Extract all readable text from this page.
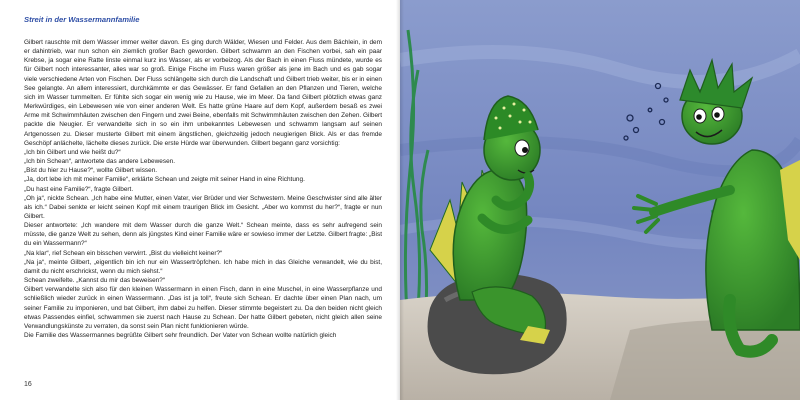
Streit in der Wassermannfamilie

Gilbert rauschte mit dem Wasser immer weiter davon. Es ging durch Wälder, Wiesen und Felder. Aus dem Bächlein, in dem er dahintrieb, war nun schon ein ziemlich großer Bach geworden. Gilbert schwamm an den Fischen vorbei, sah ein paar Krebse, ja sogar eine Ratte linste einmal kurz ins Wasser, als er vorbeizog. Als der Bach in einen Fluss mündete, wurde es für Gilbert noch interessanter, alles war so groß. Einige Fische im Fluss waren größer als jene im Bach und es gab sogar viele verschiedene Arten von Fischen. Der Fluss schlängelte sich durch die Landschaft und Gilbert trieb weiter, bis er in einen See gelangte. An allem interessiert, durchkämmte er das Gewässer. Er fand Gefallen an den Pflanzen und Tieren, welche sich im Wasser tummelten. Er fühlte sich sogar ein wenig wie zu Hause, wie im Meer. Da fand Gilbert plötzlich etwas ganz Merkwürdiges, ein Lebewesen wie von einer anderen Welt. Es hatte grüne Haare auf dem Kopf, außerdem besaß es zwei Arme mit Schwimmhäuten zwischen den Fingern und zwei Beine, ebenfalls mit Schwimmhäuten zwischen den Zehen. Gilbert packte die Neugier. Er verwandelte sich in so ein ihm unbekanntes Lebewesen und schwamm langsam auf seinen Artgenossen zu. Dieser musterte Gilbert mit einem ängstlichen, gleichzeitig jedoch neugierigen Blick. Als er das fremde Geschöpf anlächelte, lächelte dieses zurück. Die erste Hürde war überwunden. Gilbert begann ganz vorsichtig:

„Ich bin Gilbert und wie heißt du?“

„Ich bin Schean“, antwortete das andere Lebewesen.

„Bist du hier zu Hause?“, wollte Gilbert wissen.

„Ja, dort lebe ich mit meiner Familie“, erklärte Schean und zeigte mit seiner Hand in eine Richtung.

„Du hast eine Familie?“, fragte Gilbert.

„Oh ja“, nickte Schean. „Ich habe eine Mutter, einen Vater, vier Brüder und vier Schwestern. Meine Geschwister sind alle älter als ich.“ Dabei senkte er leicht seinen Kopf mit einem traurigen Blick im Gesicht. „Aber wo kommst du her?“, fragte er nun Gilbert.

Dieser antwortete: „Ich wandere mit dem Wasser durch die ganze Welt.“ Schean meinte, dass es sehr aufregend sein müsste, die ganze Welt zu sehen, denn als jüngstes Kind einer Familie wäre er sowieso immer der Letzte. Gilbert fragte: „Bist du ein Wassermann?“

„Na klar“, rief Schean ein bisschen verwirrt. „Bist du vielleicht keiner?“

„Na ja“, meinte Gilbert, „eigentlich bin ich nur ein Wassertröpfchen. Ich habe mich in das Gleiche verwandelt, wie du bist, damit du nicht erschrickst, wenn du mich siehst.“

Schean zweifelte. „Kannst du mir das beweisen?“

Gilbert verwandelte sich also für den kleinen Wassermann in einen Fisch, dann in eine Muschel, in eine Wasserpflanze und schließlich wieder zurück in einen Wassermann. „Das ist ja toll“, freute sich Schean. Er dachte über einen Plan nach, um seiner Familie zu imponieren, und bat Gilbert, ihm dabei zu helfen. Dieser stimmte begeistert zu. Da den beiden nicht gleich etwas Passendes einfiel, schwammen sie zuerst nach Hause zu Schean. Der hatte Gilbert gebeten, nicht gleich allen seine Verwandlungskünste zu verraten, da sonst sein Plan nicht funktionieren würde.

Die Familie des Wassermannes begrüßte Gilbert sehr freundlich. Der Vater von Schean wollte natürlich gleich

16
